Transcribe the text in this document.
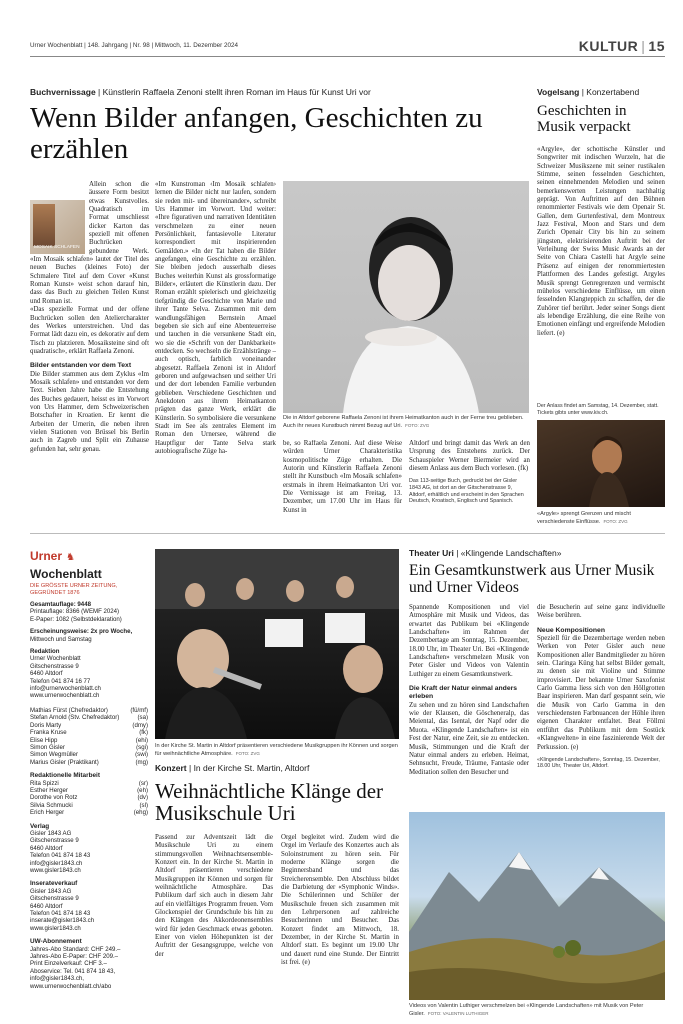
Urner Wochenblatt | 148. Jahrgang | Nr. 98 | Mittwoch, 11. Dezember 2024	KULTUR | 15
Buchvernissage | Künstlerin Raffaela Zenoni stellt ihren Roman im Haus für Kunst Uri vor
Wenn Bilder anfangen, Geschichten zu erzählen
MOSAIK SCHLAFEN

Allein schon die äussere Form besitzt etwas Kunstvolles. Quadratisch im Format umschliesst dicker Karton das speziell mit offenen Buchrücken gebundene Werk. «Im Mosaik schlafen» lautet der Titel des neuen Buches (kleines Foto) der Schmalere Titel auf dem Cover «Kunst Roman Kunst» weist schon darauf hin, dass das Buch zu gleichen Teilen Kunst und Roman ist.

«Das spezielle Format und der offene Buchrücken sollen den Ateliercharakter des Werkes unterstreichen. Und das Format lädt dazu ein, es dekorativ auf dem Tisch zu platzieren. Mosaiksteine sind oft quadratisch», erklärt Raffaela Zenoni.

Bilder entstanden vor dem Text

Die Bilder stammen aus dem Zyklus «Im Mosaik schlafen» und entstanden vor dem Text. Sieben Jahre habe die Entstehung des Buches gedauert, heisst es im Vorwort von Urs Hammer, dem Schweizerischen Botschafter in Kroatien. Er kennt die Arbeiten der Urnerin, die neben ihren vielen Stationen von Brüssel bis Berlin auch in Zagreb und Split ein Zuhause gefunden hat, sehr genau.

«Im Kunstroman ‹Im Mosaik schlafen› lernen die Bilder nicht nur laufen, sondern sie reden mit- und übereinander», schreibt Urs Hammer im Vorwort. Und weiter: «Ihre figurativen und narrativen Identitäten verschmelzen zu einer neuen Persönlichkeit, fantasievolle Literatur korrespondiert mit inspirierenden Gemälden.» «In der Tat haben die Bilder angefangen, eine Geschichte zu erzählen. Sie bleiben jedoch ausserhalb dieses Buches weiterhin Kunst als grossformatige Bilder», erläutert die Künstlerin dazu. Der Roman erzählt spielerisch und gleichzeitig tiefgründig die Geschichte von Marie und ihrer Tante Selva. Zusammen mit dem wandlungsfähigen Bernstein Amael begeben sie sich auf eine Abenteuerreise und tauchen in die versunkene Stadt ein, wo sie die «Schrift von der Dankbarkeit» entdecken. So wechseln die Erzählstränge – auch optisch, farblich voneinander abgesetzt. Raffaela Zenoni ist in Altdorf geboren und aufgewachsen und seither Uri und der dort lebenden Familie verbunden geblieben. Verschiedene Geschichten und Anekdoten aus ihrem Heimatkanton prägten das ganze Werk, erklärt die Künstlerin. So symbolisiere die versunkene Stadt im See als zentrales Element im Roman den Urnersee, während die Hauptfigur der Tante Selva stark autobiografische Züge ha-

Die in Altdorf geborene Raffaela Zenoni ist ihrem Heimatkanton auch in der Ferne treu geblieben. Auch ihr neues Kunstbuch nimmt Bezug auf Uri. FOTO: ZVG

be, so Raffaela Zenoni. Auf diese Weise würden Urner Charakteristika kosmopolitische Züge erhalten. Die Autorin und Künstlerin Raffaela Zenoni stellt ihr Kunstbuch «Im Mosaik schlafen» erstmals in ihrem Heimatkanton Uri vor. Die Vernissage ist am Freitag, 13. Dezember, um 17.00 Uhr im Haus für Kunst in

Altdorf und bringt damit das Werk an den Ursprung des Entstehens zurück. Der Schauspieler Werner Biermeier wird an diesem Anlass aus dem Buch vorlesen. (fk)

Das 113-seitige Buch, gedruckt bei der Gisler 1843 AG, ist dort an der Gitschenstrasse 9, Altdorf, erhältlich und erscheint in den Sprachen Deutsch, Kroatisch, Englisch und Spanisch.
Vogelsang | Konzertabend
Geschichten in Musik verpackt

«Argyle», der schottische Künstler und Songwriter mit indischen Wurzeln, hat die Schweizer Musikszene mit seiner rustikalen Stimme, seinen fesselnden Geschichten, seinen einnehmenden Melodien und seinen bemerkenswerten Leistungen nachhaltig geprägt. Von Auftritten auf den Bühnen renommierter Festivals wie dem Openair St. Gallen, dem Gurtenfestival, dem Montreux Jazz Festival, Moon and Stars und dem Zurich Openair City bis hin zu seinem jüngsten, elektrisierenden Auftritt bei der Verleihung der Swiss Music Awards an der Seite von Chiara Castelli hat Argyle seine Präsenz auf einigen der renommiertesten Plattformen des Landes gefestigt. Argyles Musik sprengt Genregrenzen und vermischt mühelos verschiedene Einflüsse, um einen fesselnden Klangteppich zu schaffen, der die Zuhörer tief berührt. Jeder seiner Songs dient als lebendige Erzählung, die eine Reihe von Emotionen einfängt und ergreifende Melodien liefert. (e)

Der Anlass findet am Samstag, 14. Dezember, statt. Tickets gibts unter www.kiv.ch.
«Argyle» sprengt Grenzen und mischt verschiedenste Einflüsse. FOTO: ZVG
Urner ♞ Wochenblatt
DIE GRÖSSTE URNER ZEITUNG,
GEGRÜNDET 1876
Gesamtauflage: 9448
Printauflage: 8366 (WEMF 2024)
E-Paper: 1082 (Selbstdeklaration)
Erscheinungsweise: 2x pro Woche,
Mittwoch und Samstag
Redaktion
Urner Wochenblatt
Gitschenstrasse 9
6460 Altdorf
Telefon 041 874 16 77
info@urnerwochenblatt.ch
www.urnerwochenblatt.ch
Mathias Fürst (Chefredaktor)	(fü/mf)
Stefan Arnold (Stv. Chefredaktor)	(sa)
Doris Marty	(dmy)
Franka Kruse	(fk)
Elise Hipp	(ehi)
Simon Gisler	(sgi)
Simon Wegmüller	(swi)
Marius Gisler (Praktikant)	(mg)
Redaktionelle Mitarbeit
Rita Spizzi	(sr)
Esther Herger	(eh)
Dorothe von Rotz	(dv)
Silvia Schmucki	(sl)
Erich Herger	(ehg)
Verlag
Gisler 1843 AG
Gitschenstrasse 9
6460 Altdorf
Telefon 041 874 18 43
info@gisler1843.ch
www.gisler1843.ch
Inserateverkauf
Gisler 1843 AG
Gitschenstrasse 9
6460 Altdorf
Telefon 041 874 18 43
inserate@gisler1843.ch
www.gisler1843.ch
UW-Abonnement
Jahres-Abo Standard: CHF 249.–
Jahres-Abo E-Paper: CHF 209.–
Print Einzelverkauf: CHF 3.–
Aboservice: Tel. 041 874 18 43,
info@gisler1843.ch,
www.urnerwochenblatt.ch/abo
In der Kirche St. Martin in Altdorf präsentieren verschiedene Musikgruppen ihr Können und sorgen für weihnächtliche Atmosphäre. FOTO: ZVG
Konzert | In der Kirche St. Martin, Altdorf
Weihnächtliche Klänge der Musikschule Uri

Passend zur Adventszeit lädt die Musikschule Uri zu einem stimmungsvollen Weihnachtsensemble-Konzert ein. In der Kirche St. Martin in Altdorf präsentieren verschiedene Musikgruppen ihr Können und sorgen für weihnächtliche Atmosphäre. Das Publikum darf sich auch in diesem Jahr auf ein vielfältiges Programm freuen. Vom Glockenspiel der Grundschule bis hin zu den Klängen des Akkordeonensembles wird für jeden Geschmack etwas geboten. Einer von vielen Höhepunkten ist der Auftritt der Gesangsgruppe, welche von der

Orgel begleitet wird. Zudem wird die Orgel im Verlaufe des Konzertes auch als Soloinstrument zu hören sein. Für moderne Klänge sorgen die Beginnersband und das Streicherensemble. Den Abschluss bildet die Darbietung der «Symphonic Winds». Die Schülerinnen und Schüler der Musikschule freuen sich zusammen mit den Lehrpersonen auf zahlreiche Besucherinnen und Besucher. Das Konzert findet am Mittwoch, 18. Dezember, in der Kirche St. Martin in Altdorf statt. Es beginnt um 19.00 Uhr und dauert rund eine Stunde. Der Eintritt ist frei. (e)

Theater Uri | «Klingende Landschaften»
Ein Gesamtkunstwerk aus Urner Musik und Urner Videos

Spannende Kompositionen und viel Atmosphäre mit Musik und Videos, das erwartet das Publikum bei «Klingende Landschaften» im Rahmen der Dezembertage am Sonntag, 15. Dezember, 18.00 Uhr, im Theater Uri. Bei «Klingende Landschaften» verschmelzen Musik von Peter Gisler und Videos von Valentin Luthiger zu einem Gesamtkunstwerk.

Die Kraft der Natur einmal anders erleben

Zu sehen und zu hören sind Landschaften wie der Klausen, die Göscheneralp, das Meiental, das Isental, der Napf oder die Muota. «Klingende Landschaften» ist ein Fest der Natur, eine Zeit, sie zu entdecken. Musik, Stimmungen und die Kraft der Natur einmal anders zu erleben. Heimat, Sehnsucht, Freude, Träume, Fantasie oder Meditation sollen den Besucher und

die Besucherin auf seine ganz individuelle Weise berühren.

Neue Kompositionen

Speziell für die Dezembertage werden neben Werken von Peter Gisler auch neue Kompositionen aller Bandmitglieder zu hören sein. Claringa Küng hat selbst Bilder gemalt, zu denen sie mit Violine und Stimme improvisiert. Der bekannte Urner Saxofonist Carlo Gamma liess sich von den Höllgrotten Baar inspirieren. Man darf gespannt sein, wie die Musik von Carlo Gamma in den verschiedensten Farbnuancen der Höhle ihren eigenen Charakter entfaltet. Beat Föllmi entführt das Publikum mit dem Sostück «Klangwelten» in eine faszinierende Welt der Perkussion. (e)

«Klingende Landschaften», Sonntag, 15. Dezember, 18.00 Uhr, Theater Uri, Altdorf.
Videos von Valentin Luthiger verschmelzen bei «Klingende Landschaften» mit Musik von Peter Gisler. FOTO: VALENTIN LUTHIGER
